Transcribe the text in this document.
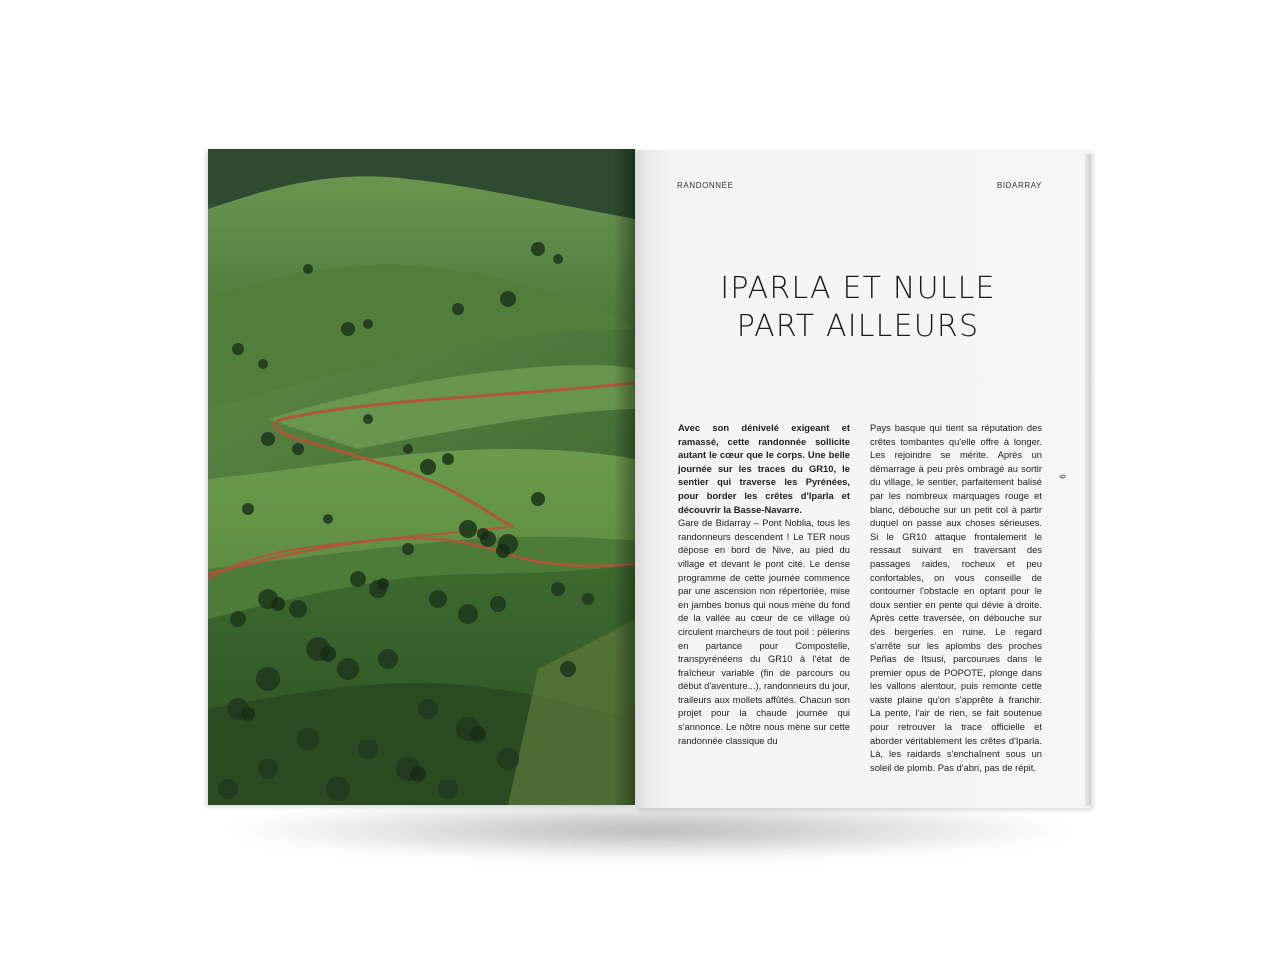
RANDONNÉE	BIDARRAY
IPARLA ET NULLE
PART AILLEURS
9

Avec son dénivelé exigeant et ramassé, cette randonnée sollicite autant le cœur que le corps. Une belle journée sur les traces du GR10, le sentier qui traverse les Pyrénées, pour border les crêtes d'Iparla et découvrir la Basse-Navarre.

Gare de Bidarray – Pont Noblia, tous les randonneurs descendent ! Le TER nous dépose en bord de Nive, au pied du village et devant le pont cité. Le dense programme de cette journée commence par une ascension non répertoriée, mise en jambes bonus qui nous mène du fond de la vallée au cœur de ce village où circulent marcheurs de tout poil : pèlerins en partance pour Compostelle, transpyrénéens du GR10 à l'état de fraîcheur variable (fin de parcours ou début d'aventure...), randonneurs du jour, traileurs aux mollets affûtés. Chacun son projet pour la chaude journée qui s'annonce. Le nôtre nous mène sur cette randonnée classique du

Pays basque qui tient sa réputation des crêtes tombantes qu'elle offre à longer. Les rejoindre se mérite. Après un démarrage à peu près ombragé au sortir du village, le sentier, parfaitement balisé par les nombreux marquages rouge et blanc, débouche sur un petit col à partir duquel on passe aux choses sérieuses. Si le GR10 attaque frontalement le ressaut suivant en traversant des passages raides, rocheux et peu confortables, on vous conseille de contourner l'obstacle en optant pour le doux sentier en pente qui dévie à droite. Après cette traversée, on débouche sur des bergeries en ruine. Le regard s'arrête sur les aplombs des proches Peñas de Itsusi, parcourues dans le premier opus de POPOTE, plonge dans les vallons alentour, puis remonte cette vaste plaine qu'on s'apprête à franchir. La pente, l'air de rien, se fait soutenue pour retrouver la trace officielle et aborder véritablement les crêtes d'Iparla. Là, les raidards s'enchaînent sous un soleil de plomb. Pas d'abri, pas de répit.
